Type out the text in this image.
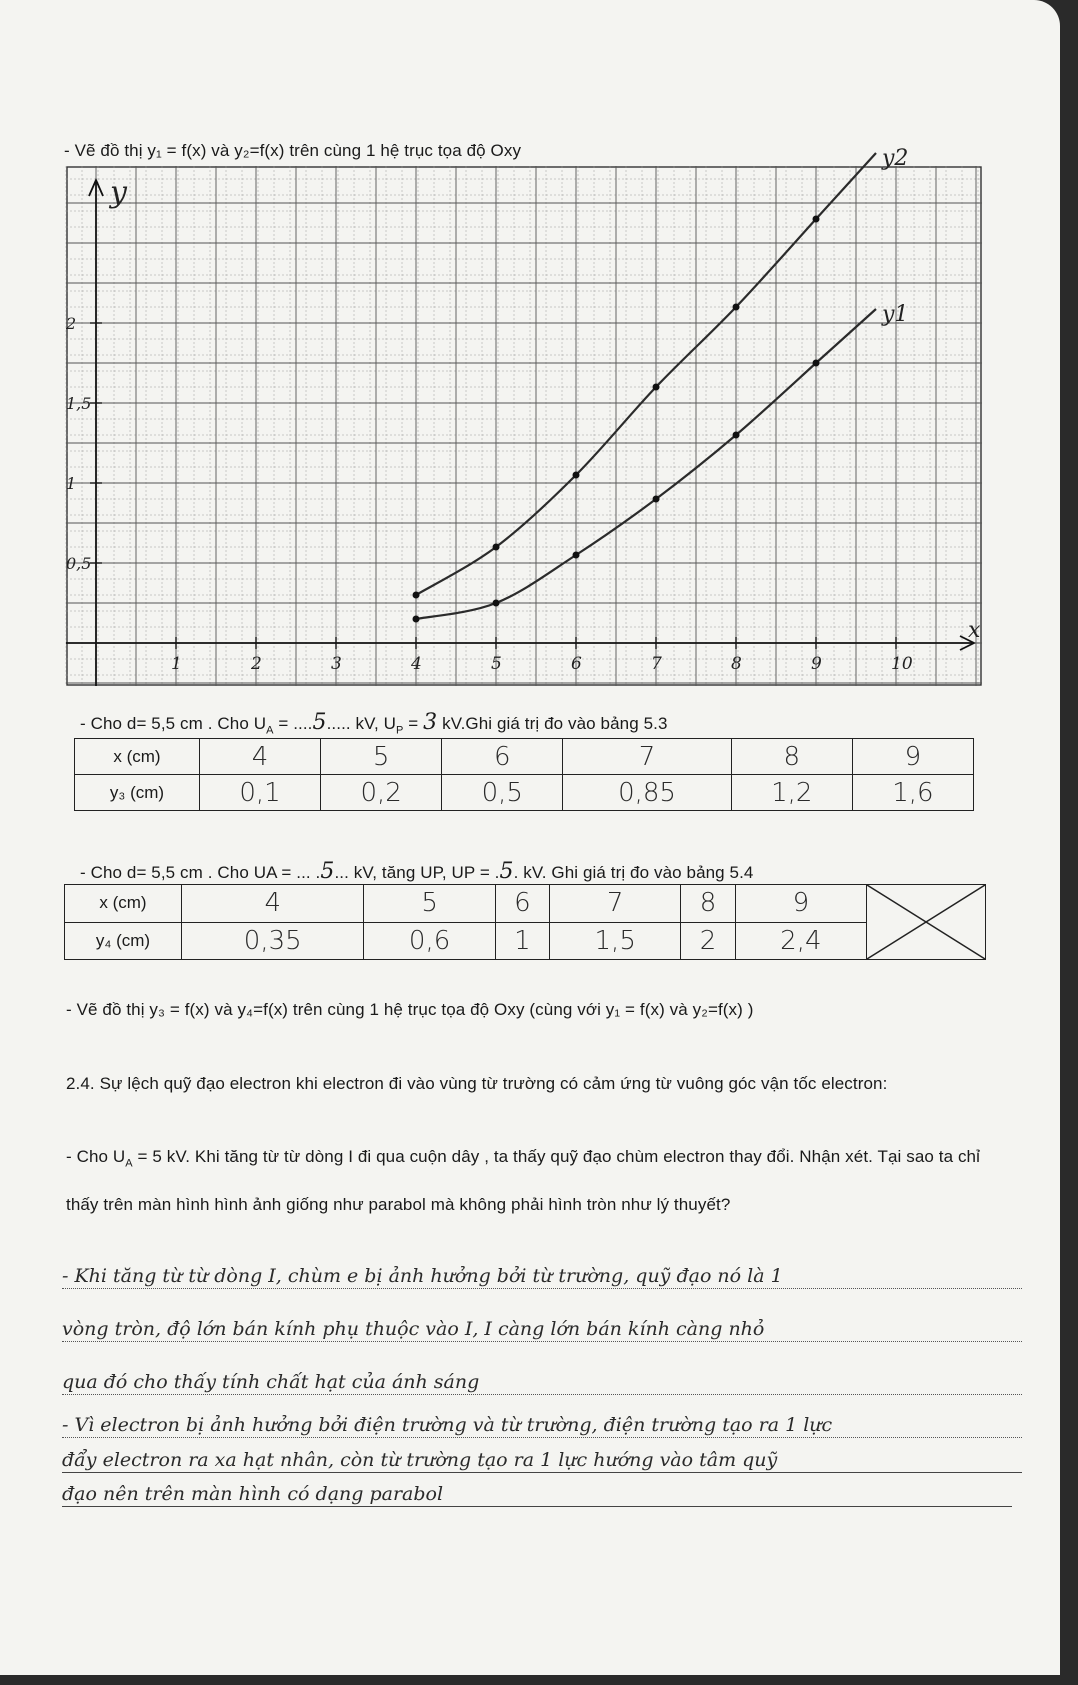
- Vẽ đồ thị y₁ = f(x) và y₂=f(x) trên cùng 1 hệ trục tọa độ Oxy
x
y
1	2	3	4	5	6	7	8	9	10
0,5
1
1,5
2
y2
y1
- Cho d= 5,5 cm . Cho $U_A = ....5$..... kV, $U_P = 3$ kV.Ghi giá trị đo vào bảng 5.3
x (cm)	4	5	6	7	8	9
y₃ (cm)	0,1	0,2	0,5	0,85	1,2	1,6
- Cho d= 5,5 cm . Cho UA = ... .5... kV, tăng UP, UP = .5. kV. Ghi giá trị đo vào bảng 5.4
x (cm)	4	5	6	7	8	9	

y₄ (cm)	0,35	0,6	1	1,5	2	2,4	
- Vẽ đồ thị y₃ = f(x) và y₄=f(x) trên cùng 1 hệ trục tọa độ Oxy (cùng với y₁ = f(x) và y₂=f(x) )
2.4. Sự lệch quỹ đạo electron khi electron đi vào vùng từ trường có cảm ứng từ vuông góc vận tốc electron:
- Cho $U_A = 5$ kV. Khi tăng từ từ dòng I đi qua cuộn dây , ta thấy quỹ đạo chùm electron thay đổi. Nhận xét. Tại sao ta chỉ thấy trên màn hình hình ảnh giống như parabol mà không phải hình tròn như lý thuyết?
- Khi tăng từ từ dòng I, chùm e bị ảnh hưởng bởi từ trường, quỹ đạo nó là 1
vòng tròn, độ lớn bán kính phụ thuộc vào I, I càng lớn bán kính càng nhỏ
qua đó cho thấy tính chất hạt của ánh sáng
- Vì electron bị ảnh hưởng bởi điện trường và từ trường, điện trường tạo ra 1 lực
đẩy electron ra xa hạt nhân, còn từ trường tạo ra 1 lực hướng vào tâm quỹ
đạo nên trên màn hình có dạng parabol
